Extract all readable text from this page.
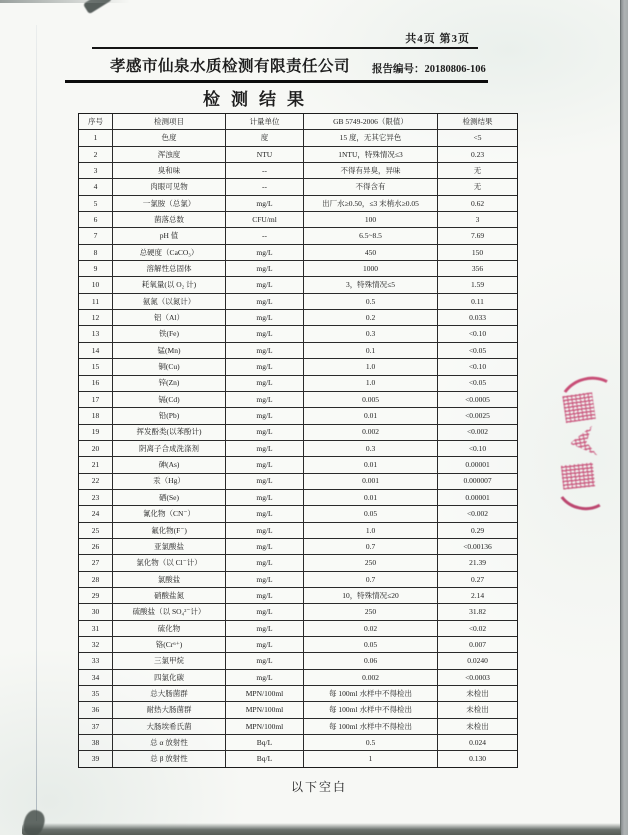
共4页 第3页
孝感市仙泉水质检测有限责任公司 报告编号：20180806-106
检测结果
序号	检测项目	计量单位	GB 5749-2006（限值）	检测结果
1	色度	度	15 度，无其它异色	<5
2	浑浊度	NTU	1NTU，特殊情况≤3	0.23
3	臭和味	--	不得有异臭，异味	无
4	肉眼可见物	--	不得含有	无
5	一氯胺（总氯）	mg/L	出厂水≥0.50，≤3 末梢水≥0.05	0.62
6	菌落总数	CFU/ml	100	3
7	pH 值	--	6.5~8.5	7.69
8	总硬度（CaCO₃）	mg/L	450	150
9	溶解性总固体	mg/L	1000	356
10	耗氧量(以 O₂ 计)	mg/L	3，特殊情况≤5	1.59
11	氨氮（以氮计）	mg/L	0.5	0.11
12	铝（Al）	mg/L	0.2	0.033
13	铁(Fe)	mg/L	0.3	<0.10
14	锰(Mn)	mg/L	0.1	<0.05
15	铜(Cu)	mg/L	1.0	<0.10
16	锌(Zn)	mg/L	1.0	<0.05
17	镉(Cd)	mg/L	0.005	<0.0005
18	铅(Pb)	mg/L	0.01	<0.0025
19	挥发酚类(以苯酚计)	mg/L	0.002	<0.002
20	阴离子合成洗涤剂	mg/L	0.3	<0.10
21	砷(As)	mg/L	0.01	0.00001
22	汞（Hg）	mg/L	0.001	0.000007
23	硒(Se)	mg/L	0.01	0.00001
24	氰化物（CN⁻）	mg/L	0.05	<0.002
25	氟化物(F⁻)	mg/L	1.0	0.29
26	亚氯酸盐	mg/L	0.7	<0.00136
27	氯化物（以 Cl⁻计）	mg/L	250	21.39
28	氯酸盐	mg/L	0.7	0.27
29	硝酸盐氮	mg/L	10，特殊情况≤20	2.14
30	硫酸盐（以 SO₄²⁻计）	mg/L	250	31.82
31	硫化物	mg/L	0.02	<0.02
32	铬(Cr⁶⁺)	mg/L	0.05	0.007
33	三氯甲烷	mg/L	0.06	0.0240
34	四氯化碳	mg/L	0.002	<0.0003
35	总大肠菌群	MPN/100ml	每 100ml 水样中不得检出	未检出
36	耐热大肠菌群	MPN/100ml	每 100ml 水样中不得检出	未检出
37	大肠埃希氏菌	MPN/100ml	每 100ml 水样中不得检出	未检出
38	总 α 放射性	Bq/L	0.5	0.024
39	总 β 放射性	Bq/L	1	0.130
以下空白
